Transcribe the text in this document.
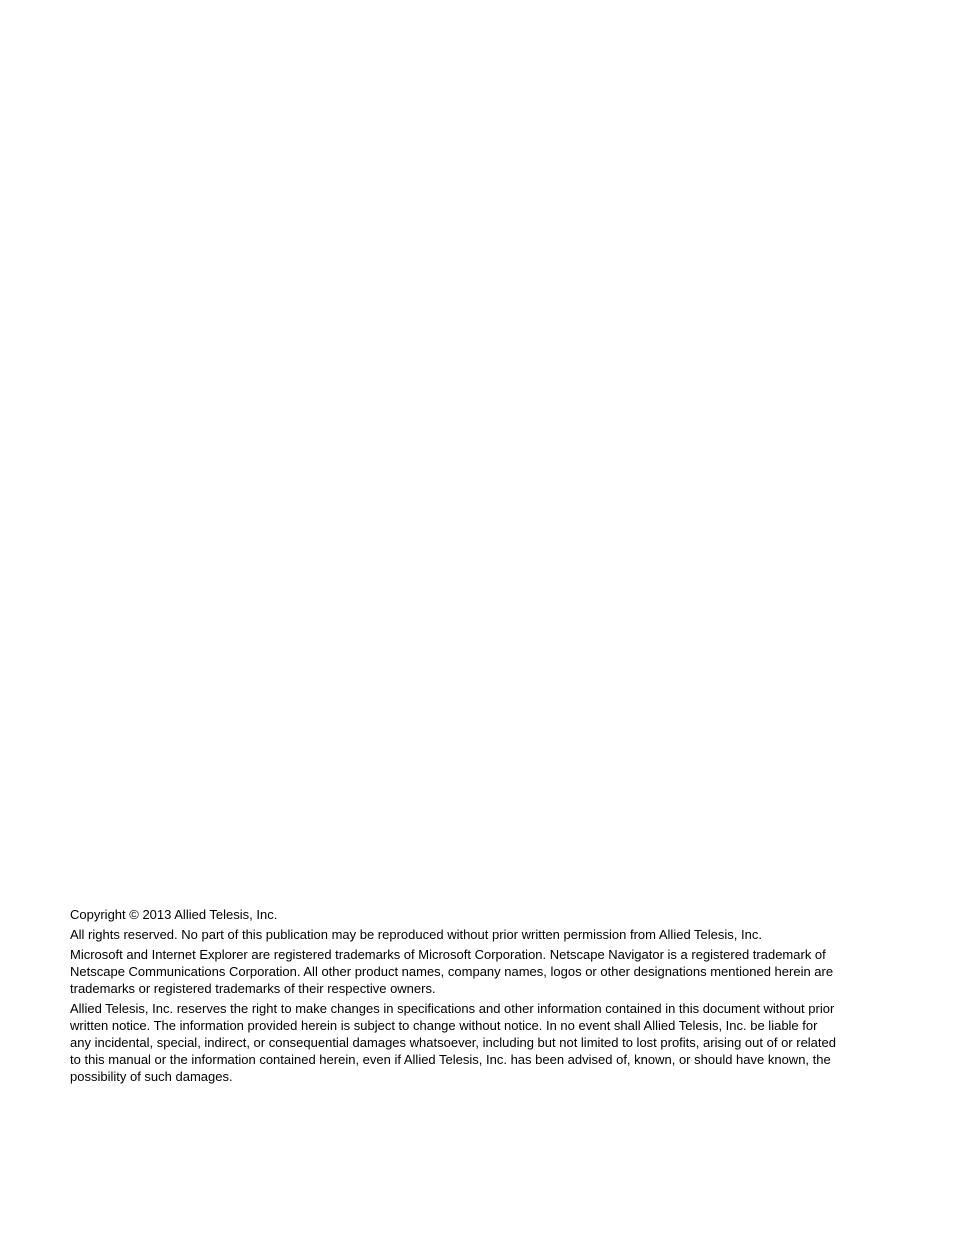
Copyright © 2013 Allied Telesis, Inc.

All rights reserved. No part of this publication may be reproduced without prior written permission from Allied Telesis, Inc.

Microsoft and Internet Explorer are registered trademarks of Microsoft Corporation. Netscape Navigator is a registered trademark of Netscape Communications Corporation. All other product names, company names, logos or other designations mentioned herein are trademarks or registered trademarks of their respective owners.

Allied Telesis, Inc. reserves the right to make changes in specifications and other information contained in this document without prior written notice. The information provided herein is subject to change without notice. In no event shall Allied Telesis, Inc. be liable for any incidental, special, indirect, or consequential damages whatsoever, including but not limited to lost profits, arising out of or related to this manual or the information contained herein, even if Allied Telesis, Inc. has been advised of, known, or should have known, the possibility of such damages.
